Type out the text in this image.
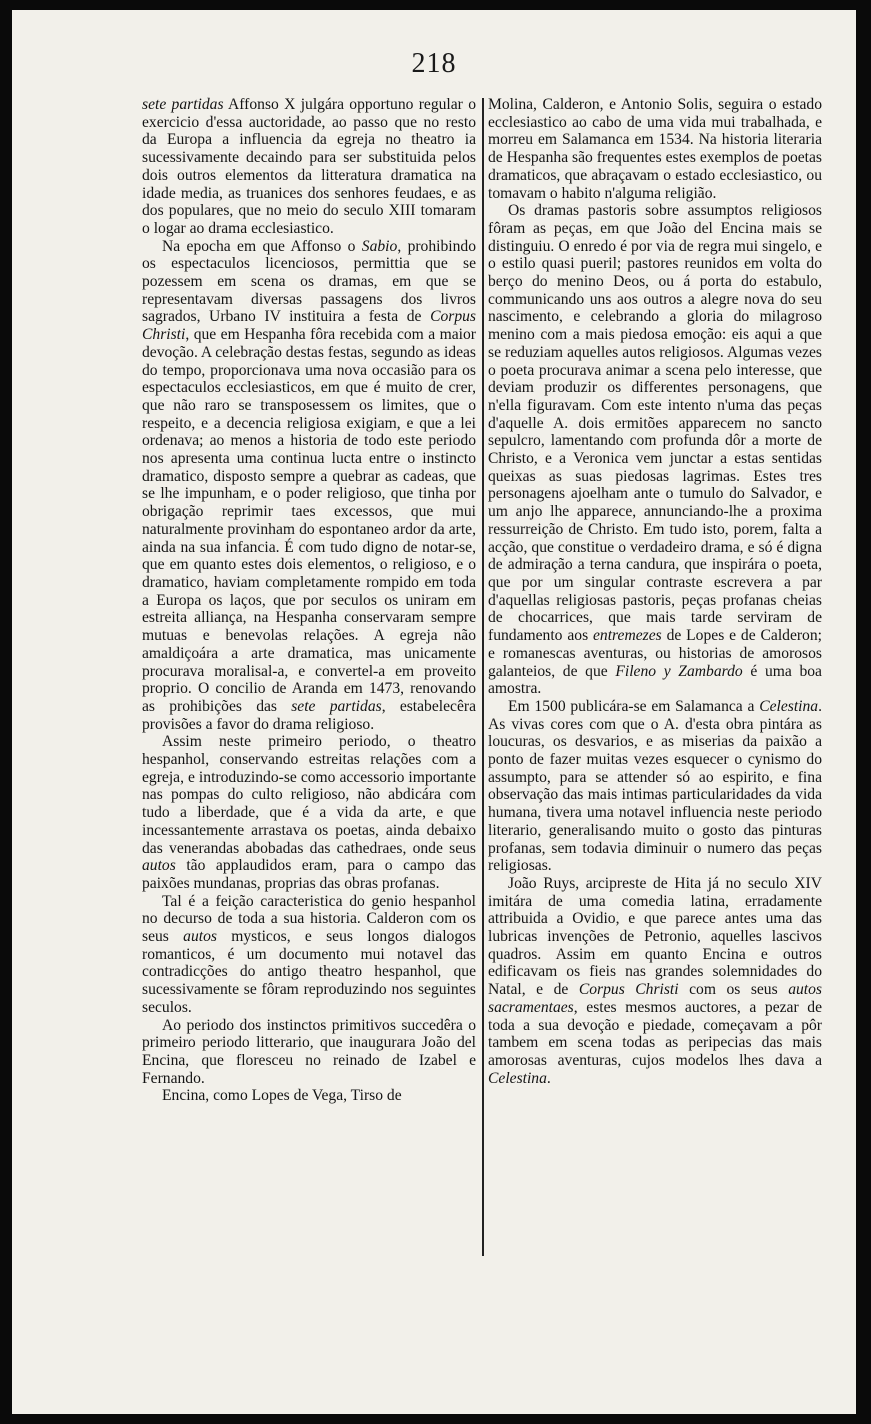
218

sete partidas Affonso X julgára opportuno regular o exercicio d'essa auctoridade, ao passo que no resto da Europa a influencia da egreja no theatro ia sucessivamente decaindo para ser substituida pelos dois outros elementos da litteratura dramatica na idade media, as truanices dos senhores feudaes, e as dos populares, que no meio do seculo XIII tomaram o logar ao drama ecclesiastico.

Na epocha em que Affonso o Sabio, prohibindo os espectaculos licenciosos, permittia que se pozessem em scena os dramas, em que se representavam diversas passagens dos livros sagrados, Urbano IV instituira a festa de Corpus Christi, que em Hespanha fôra recebida com a maior devoção. A celebração destas festas, segundo as ideas do tempo, proporcionava uma nova occasião para os espectaculos ecclesiasticos, em que é muito de crer, que não raro se transposessem os limites, que o respeito, e a decencia religiosa exigiam, e que a lei ordenava; ao menos a historia de todo este periodo nos apresenta uma continua lucta entre o instincto dramatico, disposto sempre a quebrar as cadeas, que se lhe impunham, e o poder religioso, que tinha por obrigação reprimir taes excessos, que mui naturalmente provinham do espontaneo ardor da arte, ainda na sua infancia. É com tudo digno de notar-se, que em quanto estes dois elementos, o religioso, e o dramatico, haviam completamente rompido em toda a Europa os laços, que por seculos os uniram em estreita allianҫa, na Hespanha conservaram sempre mutuas e benevolas relações. A egreja não amaldiçoára a arte dramatica, mas unicamente procurava moralisal-a, e convertel-a em proveito proprio. O concilio de Aranda em 1473, renovando as prohibições das sete partidas, estabelecêra provisões a favor do drama religioso.

Assim neste primeiro periodo, o theatro hespanhol, conservando estreitas relações com a egreja, e introduzindo-se como accessorio importante nas pompas do culto religioso, não abdicára com tudo a liberdade, que é a vida da arte, e que incessantemente arrastava os poetas, ainda debaixo das venerandas abobadas das cathedraes, onde seus autos tão applaudidos eram, para o campo das paixões mundanas, proprias das obras profanas.

Tal é a feição caracteristica do genio hespanhol no decurso de toda a sua historia. Calderon com os seus autos mysticos, e seus longos dialogos romanticos, é um documento mui notavel das contradicções do antigo theatro hespanhol, que sucessivamente se fôram reproduzindo nos seguintes seculos.

Ao periodo dos instinctos primitivos succedêra o primeiro periodo litterario, que inaugurara João del Encina, que floresceu no reinado de Izabel e Fernando.

Encina, como Lopes de Vega, Tirso de

Molina, Calderon, e Antonio Solis, seguira o estado ecclesiastico ao cabo de uma vida mui trabalhada, e morreu em Salamanca em 1534. Na historia literaria de Hespanha são frequentes estes exemplos de poetas dramaticos, que abraçavam o estado ecclesiastico, ou tomavam o habito n'alguma religião.

Os dramas pastoris sobre assumptos religiosos fôram as peças, em que João del Encina mais se distinguiu. O enredo é por via de regra mui singelo, e o estilo quasi pueril; pastores reunidos em volta do berço do menino Deos, ou á porta do estabulo, communicando uns aos outros a alegre nova do seu nascimento, e celebrando a gloria do milagroso menino com a mais piedosa emoção: eis aqui a que se reduziam aquelles autos religiosos. Algumas vezes o poeta procurava animar a scena pelo interesse, que deviam produzir os differentes personagens, que n'ella figuravam. Com este intento n'uma das peças d'aquelle A. dois ermitões apparecem no sancto sepulcro, lamentando com profunda dôr a morte de Christo, e a Veronica vem junctar a estas sentidas queixas as suas piedosas lagrimas. Estes tres personagens ajoelham ante o tumulo do Salvador, e um anjo lhe apparece, annunciando-lhe a proxima ressurreição de Christo. Em tudo isto, porem, falta a acção, que constitue o verdadeiro drama, e só é digna de admiração a terna candura, que inspirára o poeta, que por um singular contraste escrevera a par d'aquellas religiosas pastoris, peças profanas cheias de chocarrices, que mais tarde serviram de fundamento aos entremezes de Lopes e de Calderon; e romanescas aventuras, ou historias de amorosos galanteios, de que Fileno y Zambardo é uma boa amostra.

Em 1500 publicára-se em Salamanca a Celestina. As vivas cores com que o A. d'esta obra pintára as loucuras, os desvarios, e as miserias da paixão a ponto de fazer muitas vezes esquecer o cynismo do assumpto, para se attender só ao espirito, e fina observação das mais intimas particularidades da vida humana, tivera uma notavel influencia neste periodo literario, generalisando muito o gosto das pinturas profanas, sem todavia diminuir o numero das peças religiosas.

João Ruys, arcipreste de Hita já no seculo XIV imitára de uma comedia latina, erradamente attribuida a Ovidio, e que parece antes uma das lubricas invenções de Petronio, aquelles lascivos quadros. Assim em quanto Encina e outros edificavam os fieis nas grandes solemnidades do Natal, e de Corpus Christi com os seus autos sacramentaes, estes mesmos auctores, a pezar de toda a sua devoção e piedade, começavam a pôr tambem em scena todas as peripecias das mais amorosas aventuras, cujos modelos lhes dava a Celestina.
